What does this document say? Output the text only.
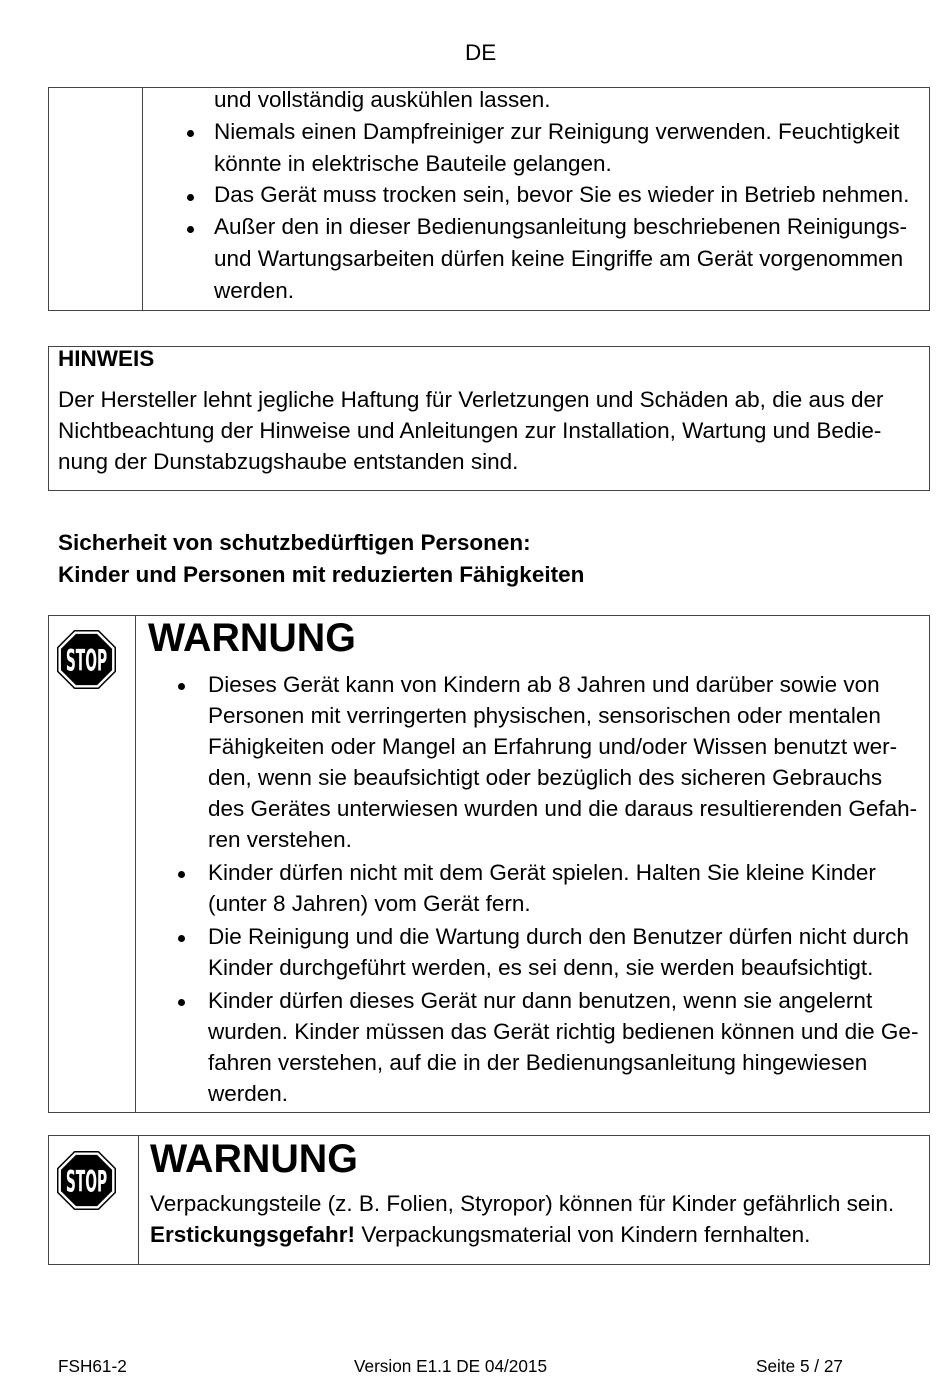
DE
und vollständig auskühlen lassen.
Niemals einen Dampfreiniger zur Reinigung verwenden. Feuchtigkeit
könnte in elektrische Bauteile gelangen.
Das Gerät muss trocken sein, bevor Sie es wieder in Betrieb nehmen.
Außer den in dieser Bedienungsanleitung beschriebenen Reinigungs-
und Wartungsarbeiten dürfen keine Eingriffe am Gerät vorgenommen
werden.
HINWEIS
Der Hersteller lehnt jegliche Haftung für Verletzungen und Schäden ab, die aus der
Nichtbeachtung der Hinweise und Anleitungen zur Installation, Wartung und Bedie-
nung der Dunstabzugshaube entstanden sind.
Sicherheit von schutzbedürftigen Personen:
Kinder und Personen mit reduzierten Fähigkeiten
STOP
WARNUNG
Dieses Gerät kann von Kindern ab 8 Jahren und darüber sowie von
Personen mit verringerten physischen, sensorischen oder mentalen
Fähigkeiten oder Mangel an Erfahrung und/oder Wissen benutzt wer-
den, wenn sie beaufsichtigt oder bezüglich des sicheren Gebrauchs
des Gerätes unterwiesen wurden und die daraus resultierenden Gefah-
ren verstehen.
Kinder dürfen nicht mit dem Gerät spielen. Halten Sie kleine Kinder
(unter 8 Jahren) vom Gerät fern.
Die Reinigung und die Wartung durch den Benutzer dürfen nicht durch
Kinder durchgeführt werden, es sei denn, sie werden beaufsichtigt.
Kinder dürfen dieses Gerät nur dann benutzen, wenn sie angelernt
wurden. Kinder müssen das Gerät richtig bedienen können und die Ge-
fahren verstehen, auf die in der Bedienungsanleitung hingewiesen
werden.
STOP
WARNUNG
Verpackungsteile (z. B. Folien, Styropor) können für Kinder gefährlich sein.
Erstickungsgefahr! Verpackungsmaterial von Kindern fernhalten.
FSH61-2	Version E1.1 DE 04/2015	Seite 5 / 27
